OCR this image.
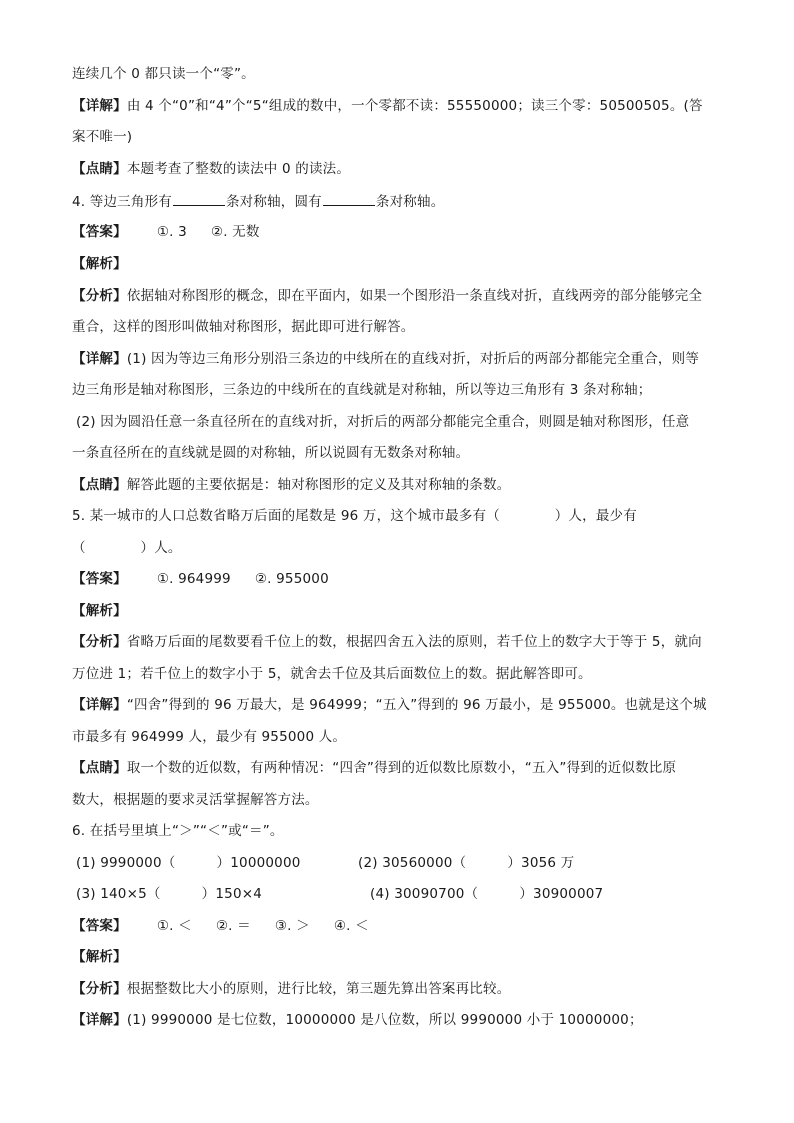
连续几个 0 都只读一个“零”。
【详解】由 4 个“0”和“4”个“5“组成的数中，一个零都不读：55550000；读三个零：50500505。(答
案不唯一)
【点睛】本题考查了整数的读法中 0 的读法。
4. 等边三角形有	条对称轴，圆有	条对称轴。
【答案】 ①. 3 ②. 无数
【解析】
【分析】依据轴对称图形的概念，即在平面内，如果一个图形沿一条直线对折，直线两旁的部分能够完全
重合，这样的图形叫做轴对称图形，据此即可进行解答。
【详解】(1) 因为等边三角形分别沿三条边的中线所在的直线对折，对折后的两部分都能完全重合，则等
边三角形是轴对称图形，三条边的中线所在的直线就是对称轴，所以等边三角形有 3 条对称轴；
(2) 因为圆沿任意一条直径所在的直线对折，对折后的两部分都能完全重合，则圆是轴对称图形，任意
一条直径所在的直线就是圆的对称轴，所以说圆有无数条对称轴。
【点睛】解答此题的主要依据是：轴对称图形的定义及其对称轴的条数。
5. 某一城市的人口总数省略万后面的尾数是 96 万，这个城市最多有（　　　　）人，最少有
（　　　　）人。
【答案】 ①. 964999 ②. 955000
【解析】
【分析】省略万后面的尾数要看千位上的数，根据四舍五入法的原则，若千位上的数字大于等于 5，就向
万位进 1；若千位上的数字小于 5，就舍去千位及其后面数位上的数。据此解答即可。
【详解】“四舍”得到的 96 万最大，是 964999；“五入”得到的 96 万最小，是 955000。也就是这个城
市最多有 964999 人，最少有 955000 人。
【点睛】取一个数的近似数，有两种情况：“四舍”得到的近似数比原数小，“五入”得到的近似数比原
数大，根据题的要求灵活掌握解答方法。
6. 在括号里填上“＞”“＜”或“＝”。
(1) 9990000（　　　）10000000	(2) 30560000（　　　）3056 万
(3) 140×5（　　　）150×4	(4) 30090700（　　　）30900007
【答案】 ①. ＜ ②. ＝ ③. ＞ ④. ＜
【解析】
【分析】根据整数比大小的原则，进行比较，第三题先算出答案再比较。
【详解】(1) 9990000 是七位数，10000000 是八位数，所以 9990000 小于 10000000；
